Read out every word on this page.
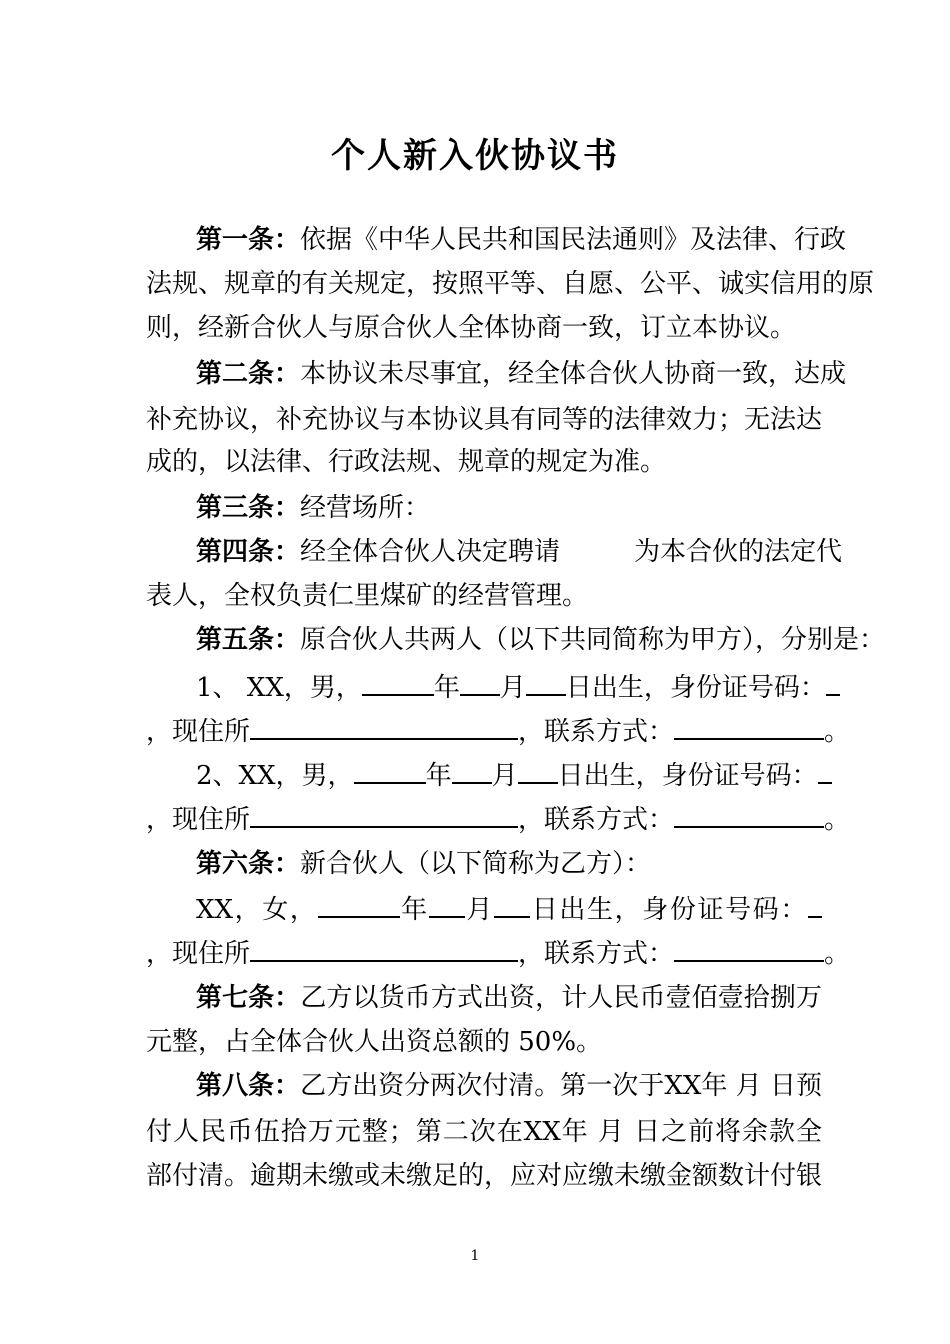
个人新入伙协议书
第一条：依据《中华人民共和国民法通则》及法律、行政
法规、规章的有关规定，按照平等、自愿、公平、诚实信用的原
则，经新合伙人与原合伙人全体协商一致，订立本协议。
第二条：本协议未尽事宜，经全体合伙人协商一致，达成
补充协议，补充协议与本协议具有同等的法律效力；无法达
成的，以法律、行政法规、规章的规定为准。
第三条：经营场所：
第四条：经全体合伙人决定聘请	为本合伙的法定代
表人，全权负责仁里煤矿的经营管理。
第五条：原合伙人共两人（以下共同简称为甲方），分别是：
1、 XX，男，	年 月 日出生，身份证号码：
，现住所	，联系方式：	。
2、XX，男，	年 月 日出生，身份证号码：
，现住所	，联系方式：	。
第六条：新合伙人（以下简称为乙方）：
XX，女，	年 月 日出生，身份证号码：
，现住所	，联系方式：	。
第七条：乙方以货币方式出资，计人民币壹佰壹拾捌万
元整，占全体合伙人出资总额的 50%。
第八条：乙方出资分两次付清。第一次于XX年 月 日预
付人民币伍拾万元整；第二次在XX年 月 日之前将余款全
部付清。逾期未缴或未缴足的，应对应缴未缴金额数计付银
1
